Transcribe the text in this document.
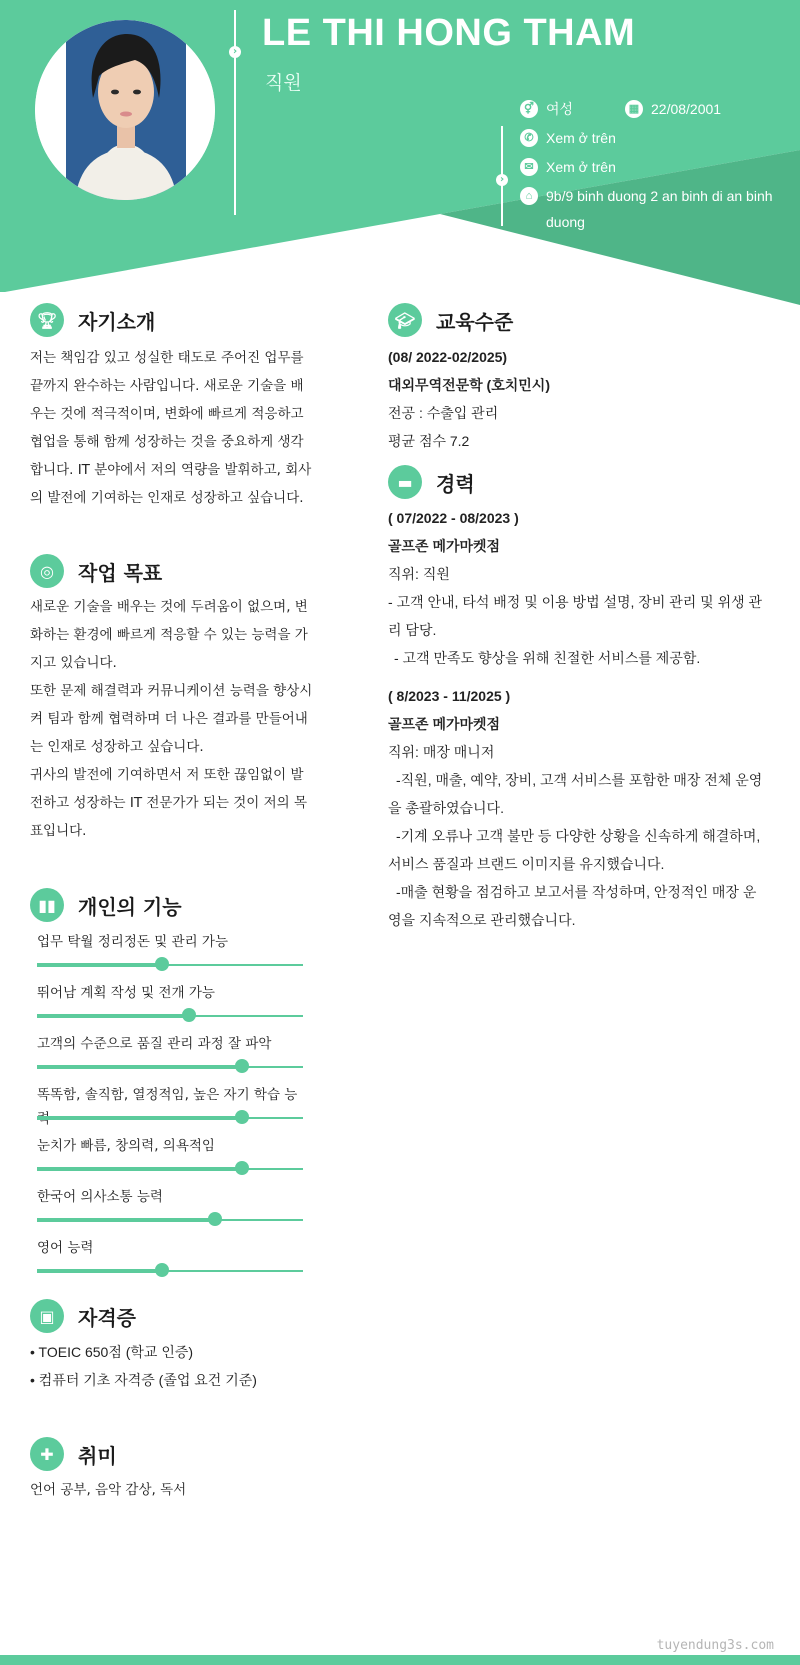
› LE THI HONG THAM
직원
›
⚥ 여성	▦ 22/08/2001
✆ Xem ở trên
✉ Xem ở trên
⌂ 9b/9 binh duong 2 an binh di an binh duong
🏆︎	자기소개
저는 책임감 있고 성실한 태도로 주어진 업무를 끝까지 완수하는 사람입니다. 새로운 기술을 배우는 것에 적극적이며, 변화에 빠르게 적응하고 협업을 통해 함께 성장하는 것을 중요하게 생각합니다. IT 분야에서 저의 역량을 발휘하고, 회사의 발전에 기여하는 인재로 성장하고 싶습니다.
◎	작업 목표
새로운 기술을 배우는 것에 두려움이 없으며, 변화하는 환경에 빠르게 적응할 수 있는 능력을 가지고 있습니다.
또한 문제 해결력과 커뮤니케이션 능력을 향상시켜 팀과 함께 협력하며 더 나은 결과를 만들어내는 인재로 성장하고 싶습니다.
귀사의 발전에 기여하면서 저 또한 끊임없이 발전하고 성장하는 IT 전문가가 되는 것이 저의 목표입니다.
▮▮	개인의 기능
업무 탁월 정리정돈 및 관리 가능
뛰어남 계획 작성 및 전개 가능
고객의 수준으로 품질 관리 과정 잘 파악
똑똑함, 솔직함, 열정적임, 높은 자기 학습 능
눈치가 빠름, 창의력, 의욕적임
한국어 의사소통 능력
영어 능력
▣	자격증
• TOEIC 650점 (학교 인증)
• 컴퓨터 기초 자격증 (졸업 요건 기준)
✚	취미
언어 공부, 음악 감상, 독서
🎓︎	교육수준
(08/ 2022-02/2025)
대외무역전문학 (호치민시)
전공 : 수출입 관리
평균 점수 7.2
▬	경력
( 07/2022 - 08/2023 )
골프존 메가마켓점
직위: 직원
- 고객 안내, 타석 배정 및 이용 방법 설명, 장비 관리 및 위생 관리 담당.
- 고객 만족도 향상을 위해 친절한 서비스를 제공함.
( 8/2023 - 11/2025 )
골프존 메가마켓점
직위: 매장 매니저
-직원, 매출, 예약, 장비, 고객 서비스를 포함한 매장 전체 운영을 총괄하였습니다.
-기계 오류나 고객 불만 등 다양한 상황을 신속하게 해결하며, 서비스 품질과 브랜드 이미지를 유지했습니다.
-매출 현황을 점검하고 보고서를 작성하며, 안정적인 매장 운영을 지속적으로 관리했습니다.
tuyendung3s.com
